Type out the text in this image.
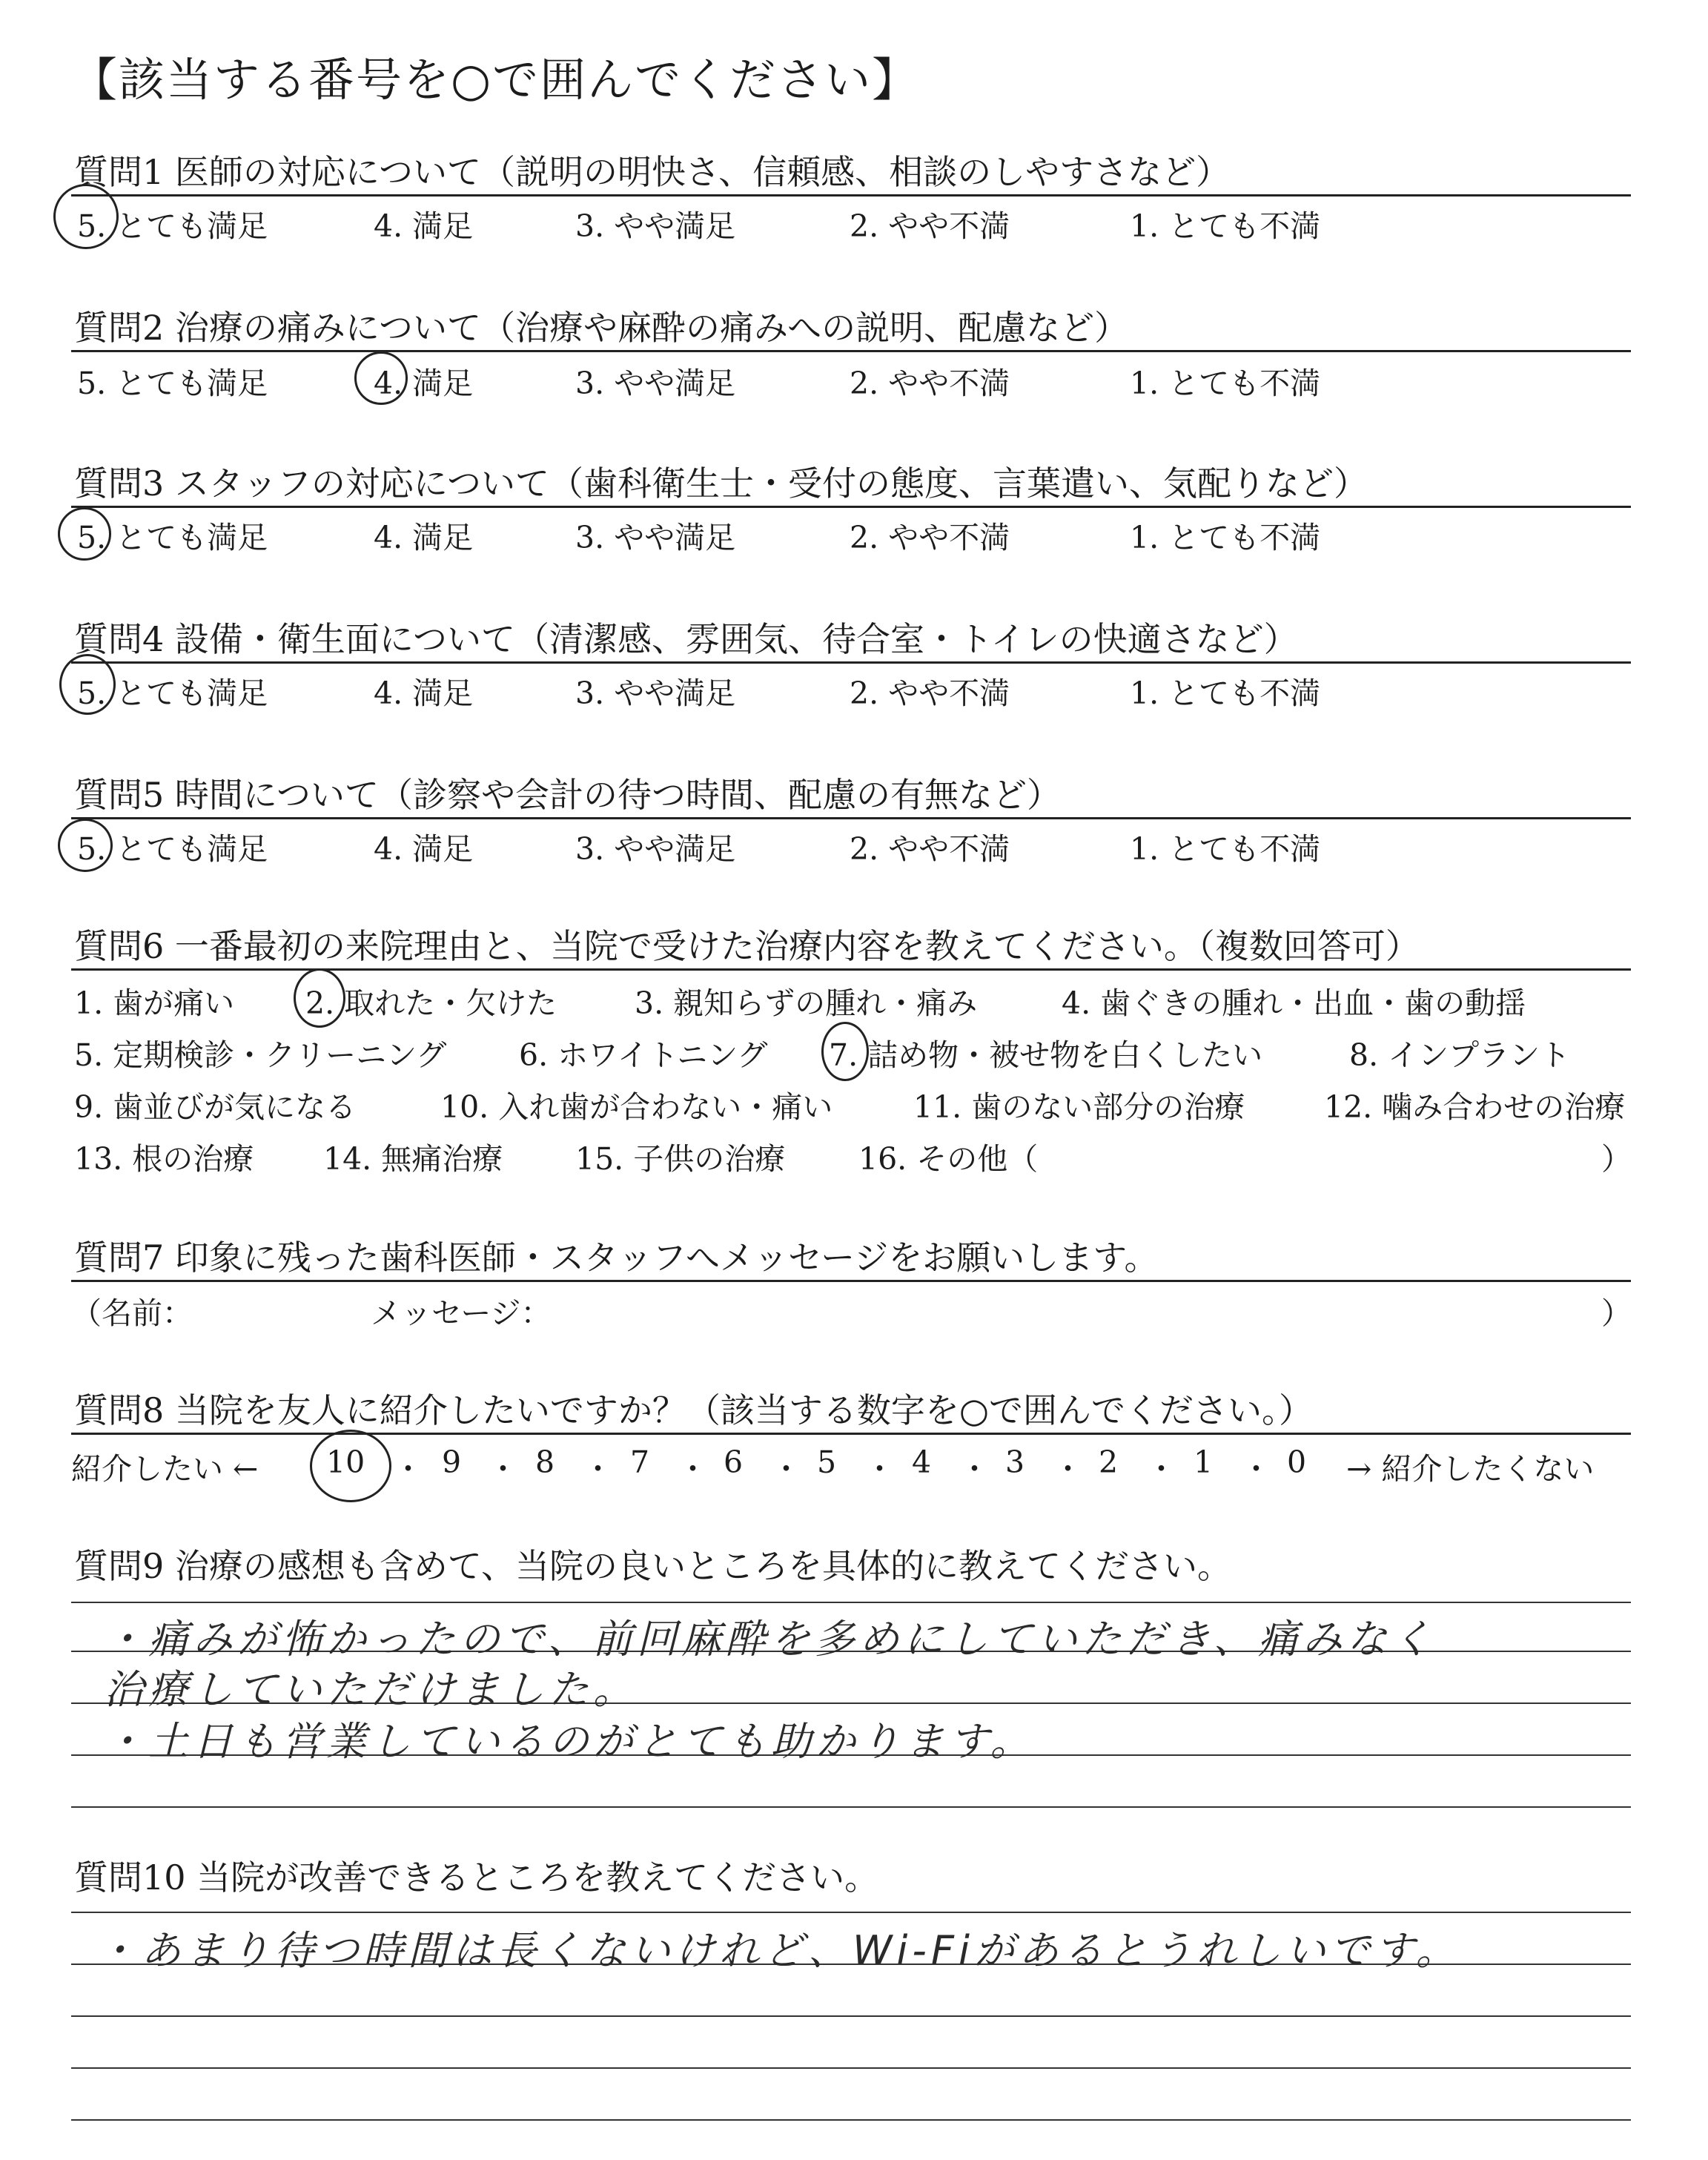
【該当する番号を○で囲んでください】
質問1 医師の対応について（説明の明快さ、信頼感、相談のしやすさなど）
5. とても満足	4. 満足	3. やや満足	2. やや不満	1. とても不満
質問2 治療の痛みについて（治療や麻酔の痛みへの説明、配慮など）
5. とても満足	4. 満足	3. やや満足	2. やや不満	1. とても不満
質問3 スタッフの対応について（歯科衛生士・受付の態度、言葉遣い、気配りなど）
5. とても満足	4. 満足	3. やや満足	2. やや不満	1. とても不満
質問4 設備・衛生面について（清潔感、雰囲気、待合室・トイレの快適さなど）
5. とても満足	4. 満足	3. やや満足	2. やや不満	1. とても不満
質問5 時間について（診察や会計の待つ時間、配慮の有無など）
5. とても満足	4. 満足	3. やや満足	2. やや不満	1. とても不満
質問6 一番最初の来院理由と、当院で受けた治療内容を教えてください。（複数回答可）
1. 歯が痛い 2. 取れた・欠けた	3. 親知らずの腫れ・痛み	4. 歯ぐきの腫れ・出血・歯の動揺
5. 定期検診・クリーニング 6. ホワイトニング 7. 詰め物・被せ物を白くしたい	8. インプラント
9. 歯並びが気になる	10. 入れ歯が合わない・痛い	11. 歯のない部分の治療	12. 噛み合わせの治療
13. 根の治療 14. 無痛治療 15. 子供の治療 16. その他（	）
質問7 印象に残った歯科医師・スタッフへメッセージをお願いします。
（名前：	メッセージ：	）
質問8 当院を友人に紹介したいですか？（該当する数字を○で囲んでください。）
紹介したい ← 10 ・ 9 ・ 8 ・ 7 ・ 6 ・ 5 ・ 4 ・ 3 ・ 2 ・ 1 ・ 0 → 紹介したくない
質問9 治療の感想も含めて、当院の良いところを具体的に教えてください。
・痛みが怖かったので、前回麻酔を多めにしていただき、痛みなく
治療していただけました。
・土日も営業しているのがとても助かります。
質問10 当院が改善できるところを教えてください。
・あまり待つ時間は長くないけれど、Wi-Fiがあるとうれしいです。
